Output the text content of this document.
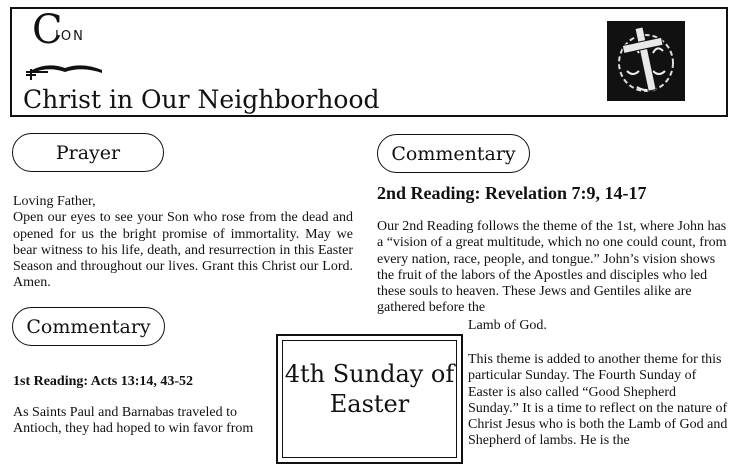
C
ION
Christ in Our Neighborhood
Prayer
Loving Father,
Open our eyes to see your Son who rose from the dead and opened for us the bright promise of immortality. May we bear witness to his life, death, and resurrection in this Easter Season and throughout our lives. Grant this Christ our Lord. Amen.
Commentary
1st Reading: Acts 13:14, 43-52
As Saints Paul and Barnabas traveled to Antioch, they had hoped to win favor from
Commentary
2nd Reading: Revelation 7:9, 14-17
Our 2nd Reading follows the theme of the 1st, where John has a “vision of a great multitude, which no one could count, from every nation, race, people, and tongue.” John’s vision shows the fruit of the labors of the Apostles and disciples who led these souls to heaven. These Jews and Gentiles alike are gathered before the
Lamb of God.
This theme is added to another theme for this particular Sunday. The Fourth Sunday of Easter is also called “Good Shepherd Sunday.” It is a time to reflect on the nature of Christ Jesus who is both the Lamb of God and Shepherd of lambs. He is the
4th Sunday of
Easter
